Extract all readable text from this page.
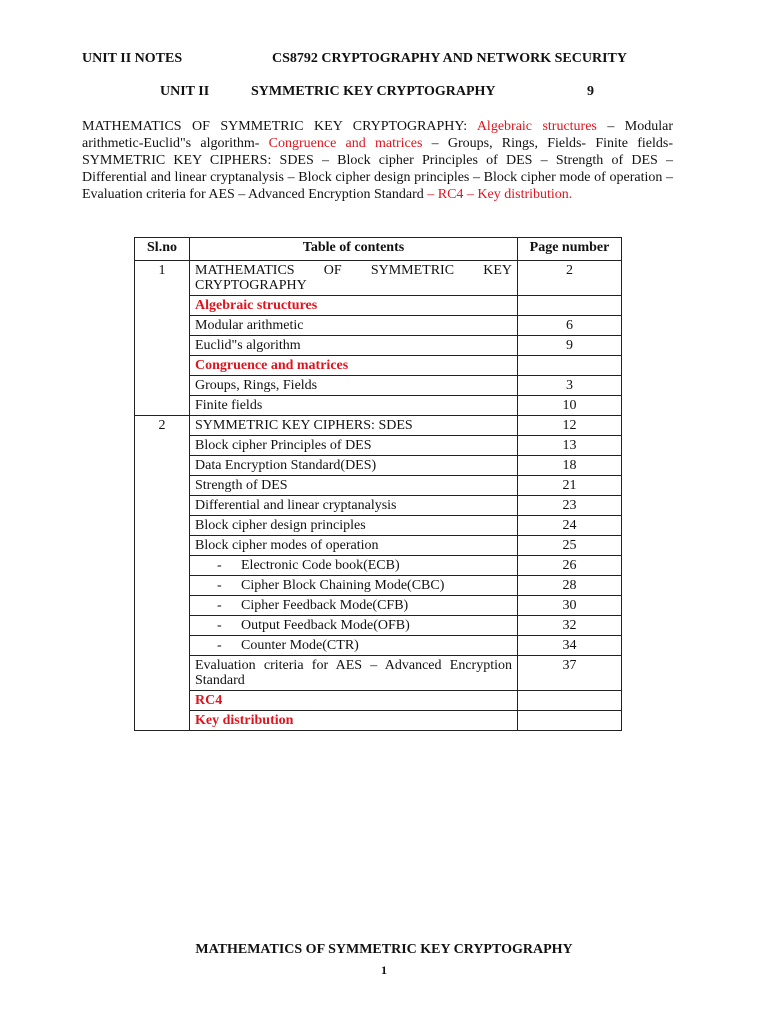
UNIT II NOTES	CS8792 CRYPTOGRAPHY AND NETWORK SECURITY
UNIT II	SYMMETRIC KEY CRYPTOGRAPHY	9
MATHEMATICS OF SYMMETRIC KEY CRYPTOGRAPHY: Algebraic structures – Modular arithmetic-Euclid"s algorithm- Congruence and matrices – Groups, Rings, Fields- Finite fields- SYMMETRIC KEY CIPHERS: SDES – Block cipher Principles of DES – Strength of DES – Differential and linear cryptanalysis – Block cipher design principles – Block cipher mode of operation – Evaluation criteria for AES – Advanced Encryption Standard – RC4 – Key distribution.
Sl.no	Table of contents	Page number
1	MATHEMATICS OF SYMMETRIC KEY CRYPTOGRAPHY	2
	Algebraic structures	
	Modular arithmetic	6
	Euclid"s algorithm	9
	Congruence and matrices	
	Groups, Rings, Fields	3
	Finite fields	10
2	SYMMETRIC KEY CIPHERS: SDES	12
	Block cipher Principles of DES	13
	Data Encryption Standard(DES)	18
	Strength of DES	21
	Differential and linear cryptanalysis	23
	Block cipher design principles	24
	Block cipher modes of operation	25
	- Electronic Code book(ECB)	26
	- Cipher Block Chaining Mode(CBC)	28
	- Cipher Feedback Mode(CFB)	30
	- Output Feedback Mode(OFB)	32
	- Counter Mode(CTR)	34
	Evaluation criteria for AES – Advanced Encryption Standard	37
	RC4	
	Key distribution	
MATHEMATICS OF SYMMETRIC KEY CRYPTOGRAPHY
1
